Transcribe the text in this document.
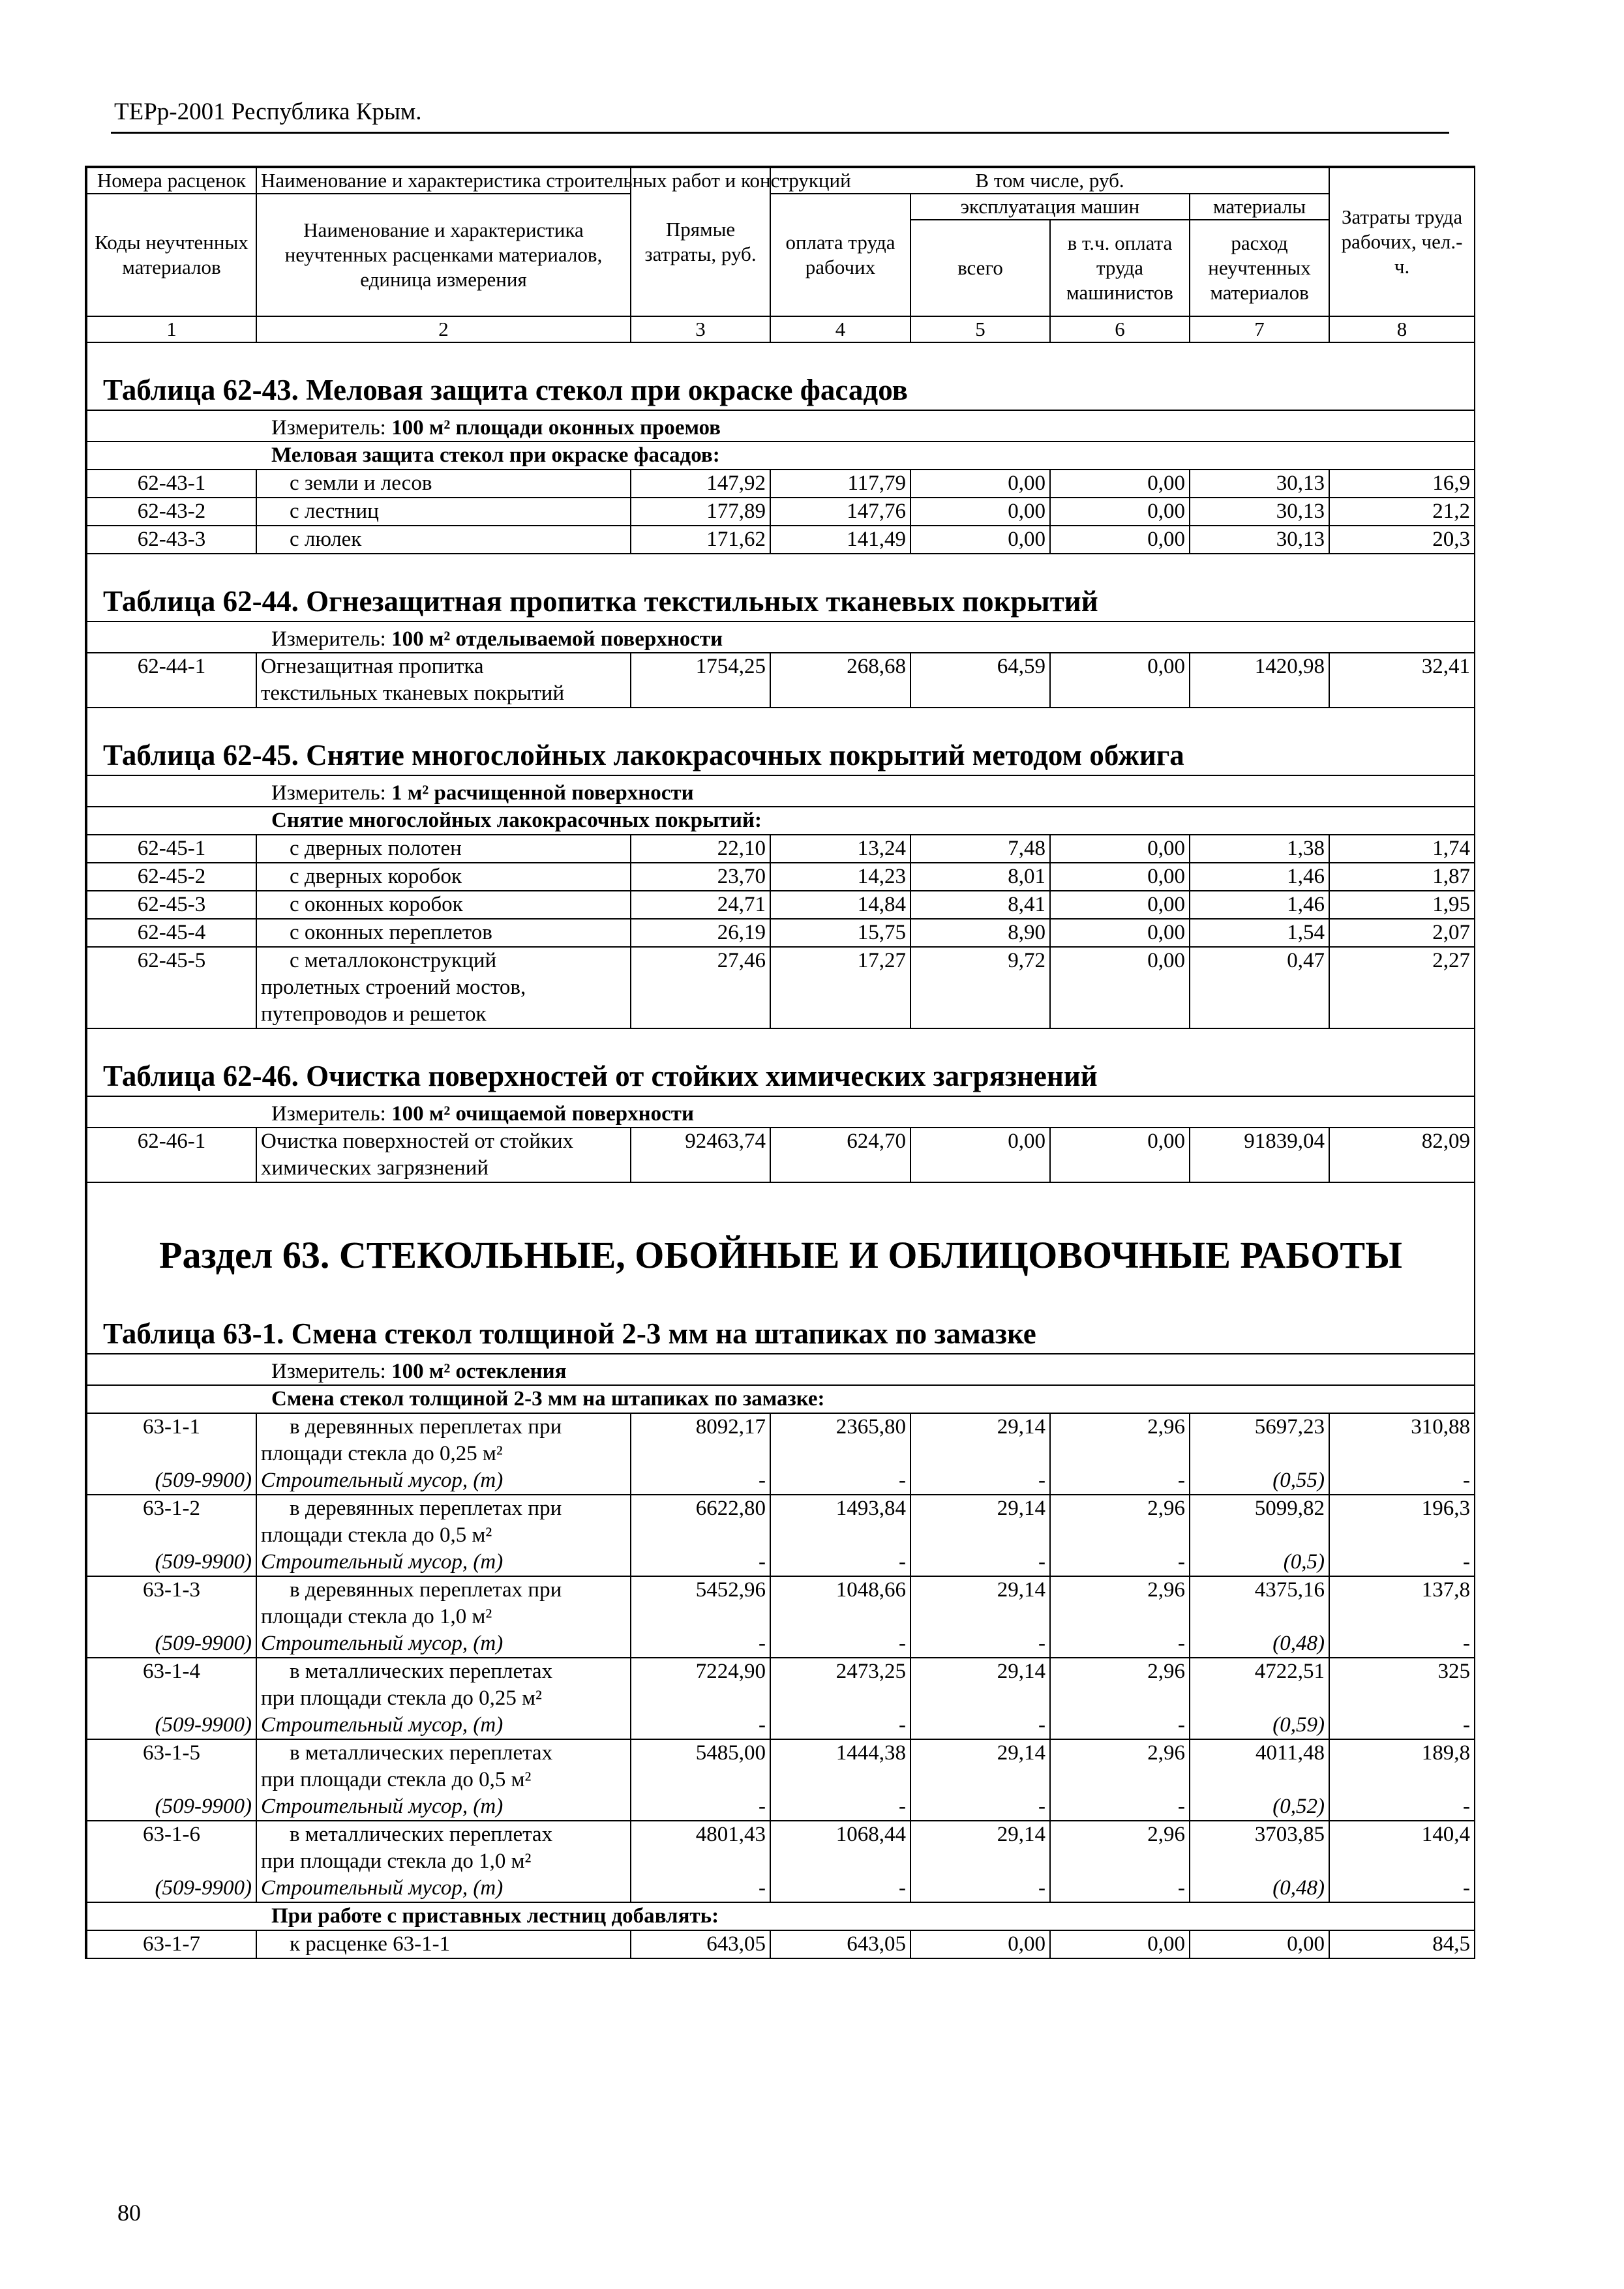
ТЕРр-2001 Республика Крым.
Номера расценок	Наименование и характеристика строительных работ и конструкций	Прямые затраты, руб.	В том числе, руб.				Затраты труда рабочих, чел.-ч.
Коды неучтенных материалов	Наименование и характеристика неучтенных расценками материалов, единица измерения		оплата труда рабочих	эксплуатация машин		материалы	
				всего	в т.ч. оплата труда машинистов	расход неучтенных материалов	

1	2	3	4	5	6	7	8
Таблица 62-43. Меловая защита стекол при окраске фасадов							
Измеритель: 100 м² площади оконных проемов							
Меловая защита стекол при окраске фасадов:							
62-43-1	с земли и лесов	147,92	117,79	0,00	0,00	30,13	16,9
62-43-2	с лестниц	177,89	147,76	0,00	0,00	30,13	21,2
62-43-3	с люлек	171,62	141,49	0,00	0,00	30,13	20,3
Таблица 62-44. Огнезащитная пропитка текстильных тканевых покрытий							
Измеритель: 100 м² отделываемой поверхности							
62-44-1	Огнезащитная пропитка
текстильных тканевых покрытий	1754,25	268,68	64,59	0,00	1420,98	32,41
Таблица 62-45. Снятие многослойных лакокрасочных покрытий методом обжига							
Измеритель: 1 м² расчищенной поверхности							
Снятие многослойных лакокрасочных покрытий:							
62-45-1	с дверных полотен	22,10	13,24	7,48	0,00	1,38	1,74
62-45-2	с дверных коробок	23,70	14,23	8,01	0,00	1,46	1,87
62-45-3	с оконных коробок	24,71	14,84	8,41	0,00	1,46	1,95
62-45-4	с оконных переплетов	26,19	15,75	8,90	0,00	1,54	2,07
62-45-5	с металлоконструкций
пролетных строений мостов,
путепроводов и решеток	27,46	17,27	9,72	0,00	0,47	2,27
Таблица 62-46. Очистка поверхностей от стойких химических загрязнений							
Измеритель: 100 м² очищаемой поверхности							
62-46-1	Очистка поверхностей от стойких
химических загрязнений	92463,74	624,70	0,00	0,00	91839,04	82,09
Раздел 63. СТЕКОЛЬНЫЕ, ОБОЙНЫЕ И ОБЛИЦОВОЧНЫЕ РАБОТЫ							
Таблица 63-1. Смена стекол толщиной 2-3 мм на штапиках по замазке							
Измеритель: 100 м² остекления							
Смена стекол толщиной 2-3 мм на штапиках по замазке:							
63-1-1	в деревянных переплетах при
площади стекла до 0,25 м²	8092,17	2365,80	29,14	2,96	5697,23	310,88
(509-9900)	Строительный мусор, (т)	-	-	-	-	(0,55)	-
63-1-2	в деревянных переплетах при
площади стекла до 0,5 м²	6622,80	1493,84	29,14	2,96	5099,82	196,3
(509-9900)	Строительный мусор, (т)	-	-	-	-	(0,5)	-
63-1-3	в деревянных переплетах при
площади стекла до 1,0 м²	5452,96	1048,66	29,14	2,96	4375,16	137,8
(509-9900)	Строительный мусор, (т)	-	-	-	-	(0,48)	-
63-1-4	в металлических переплетах
при площади стекла до 0,25 м²	7224,90	2473,25	29,14	2,96	4722,51	325
(509-9900)	Строительный мусор, (т)	-	-	-	-	(0,59)	-
63-1-5	в металлических переплетах
при площади стекла до 0,5 м²	5485,00	1444,38	29,14	2,96	4011,48	189,8
(509-9900)	Строительный мусор, (т)	-	-	-	-	(0,52)	-
63-1-6	в металлических переплетах
при площади стекла до 1,0 м²	4801,43	1068,44	29,14	2,96	3703,85	140,4
(509-9900)	Строительный мусор, (т)	-	-	-	-	(0,48)	-
При работе с приставных лестниц добавлять:							
63-1-7	к расценке 63-1-1	643,05	643,05	0,00	0,00	0,00	84,5
80
